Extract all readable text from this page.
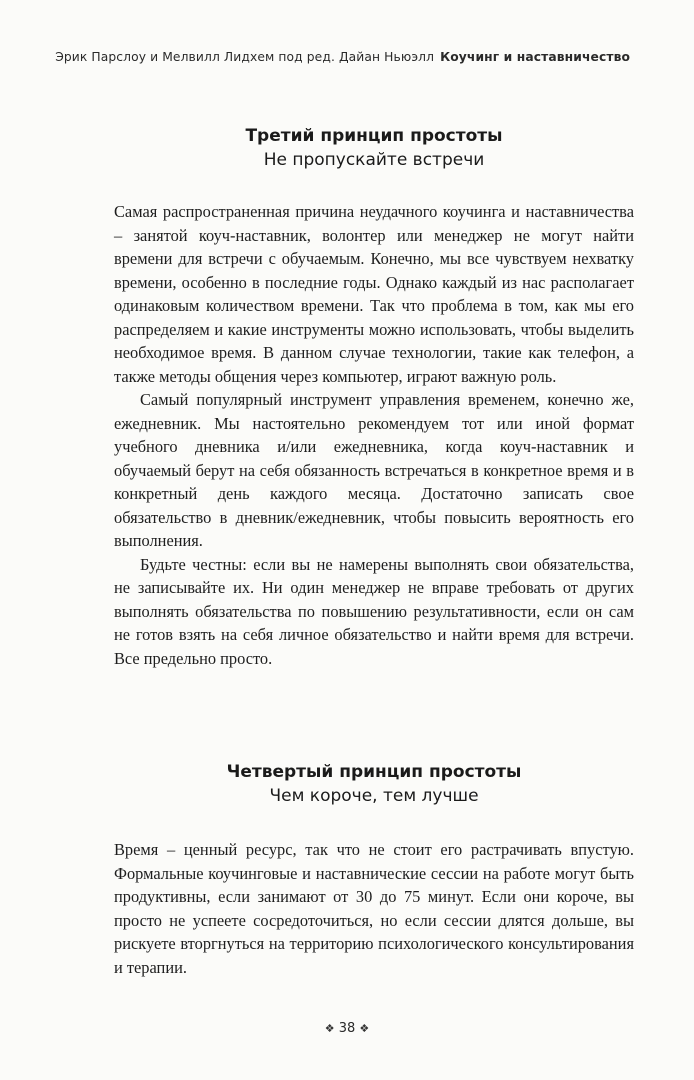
Эрик Парслоу и Мелвилл Лидхем под ред. Дайан Ньюэлл Коучинг и наставничество
Третий принцип простоты
Не пропускайте встречи

Самая распространенная причина неудачного коучинга и наставничества – занятой коуч-наставник, волонтер или менеджер не могут найти времени для встречи с обучаемым. Конечно, мы все чувствуем нехватку времени, особенно в последние годы. Однако каждый из нас располагает одинаковым количеством времени. Так что проблема в том, как мы его распределяем и какие инструменты можно использовать, чтобы выделить необходимое время. В данном случае технологии, такие как телефон, а также методы общения через компьютер, играют важную роль.

Самый популярный инструмент управления временем, конечно же, ежедневник. Мы настоятельно рекомендуем тот или иной формат учебного дневника и/или ежедневника, когда коуч-наставник и обучаемый берут на себя обязанность встречаться в конкретное время и в конкретный день каждого месяца. Достаточно записать свое обязательство в дневник/ежедневник, чтобы повысить вероятность его выполнения.

Будьте честны: если вы не намерены выполнять свои обязательства, не записывайте их. Ни один менеджер не вправе требовать от других выполнять обязательства по повышению результативности, если он сам не готов взять на себя личное обязательство и найти время для встречи. Все предельно просто.

Четвертый принцип простоты
Чем короче, тем лучше

Время – ценный ресурс, так что не стоит его растрачивать впустую. Формальные коучинговые и наставнические сессии на работе могут быть продуктивны, если занимают от 30 до 75 минут. Если они короче, вы просто не успеете сосредоточиться, но если сессии длятся дольше, вы рискуете вторгнуться на территорию психологического консультирования и терапии.

❖ 38 ❖
